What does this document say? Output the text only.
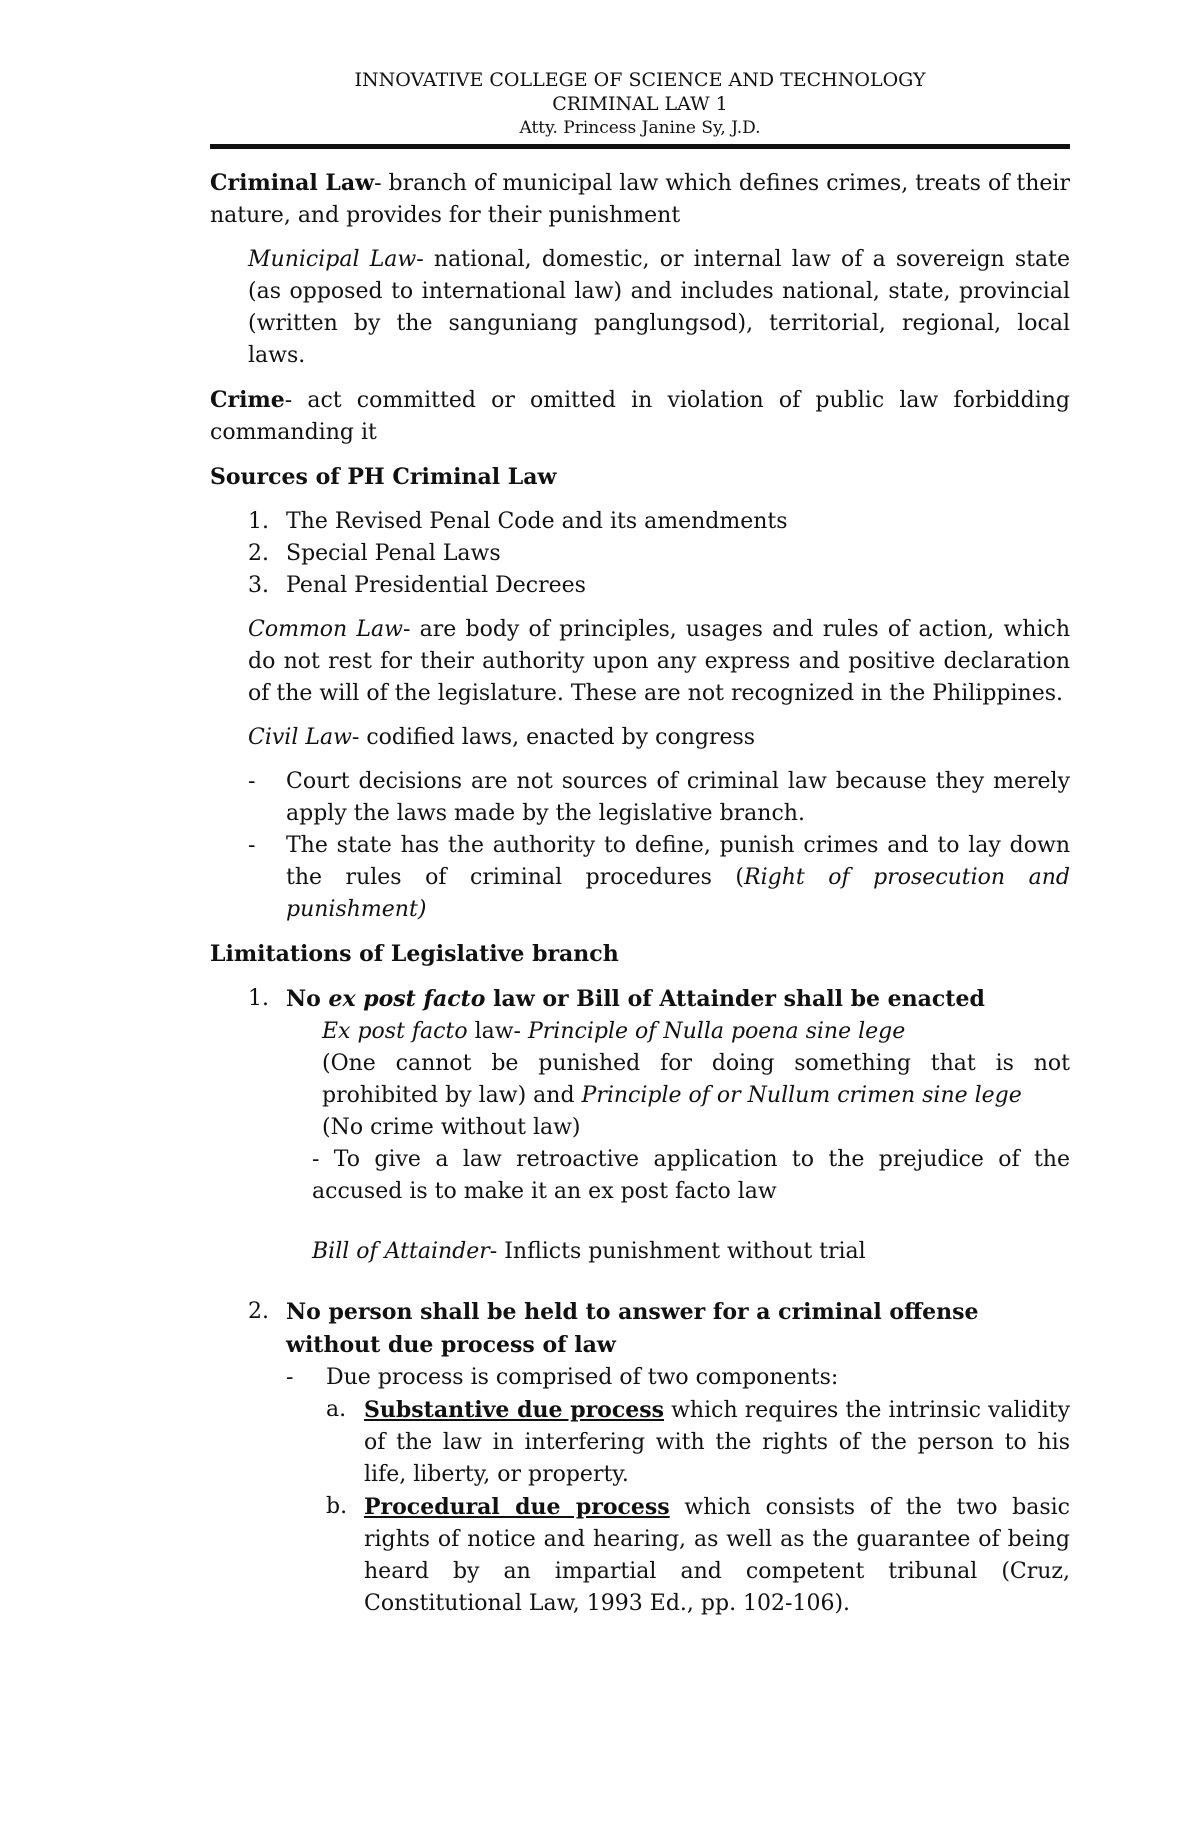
INNOVATIVE COLLEGE OF SCIENCE AND TECHNOLOGY
CRIMINAL LAW 1
Atty. Princess Janine Sy, J.D.

Criminal Law- branch of municipal law which defines crimes, treats of their nature, and provides for their punishment

Municipal Law- national, domestic, or internal law of a sovereign state (as opposed to international law) and includes national, state, provincial (written by the sanguniang panglungsod), territorial, regional, local laws.

Crime- act committed or omitted in violation of public law forbidding commanding it

Sources of PH Criminal Law

1. The Revised Penal Code and its amendments
2. Special Penal Laws
3. Penal Presidential Decrees

Common Law- are body of principles, usages and rules of action, which do not rest for their authority upon any express and positive declaration of the will of the legislature. These are not recognized in the Philippines.

Civil Law- codified laws, enacted by congress

-	Court decisions are not sources of criminal law because they merely apply the laws made by the legislative branch.
-	The state has the authority to define, punish crimes and to lay down the rules of criminal procedures (Right of prosecution and punishment)

Limitations of Legislative branch

1. No ex post facto law or Bill of Attainder shall be enacted

Ex post facto law- Principle of Nulla poena sine lege

(One cannot be punished for doing something that is not prohibited by law) and Principle of or Nullum crimen sine lege

(No crime without law)

- To give a law retroactive application to the prejudice of the accused is to make it an ex post facto law

Bill of Attainder- Inflicts punishment without trial

2. No person shall be held to answer for a criminal offense without due process of law
-	Due process is comprised of two components:
a. Substantive due process which requires the intrinsic validity of the law in interfering with the rights of the person to his life, liberty, or property.
b. Procedural due process which consists of the two basic rights of notice and hearing, as well as the guarantee of being heard by an impartial and competent tribunal (Cruz, Constitutional Law, 1993 Ed., pp. 102-106).
